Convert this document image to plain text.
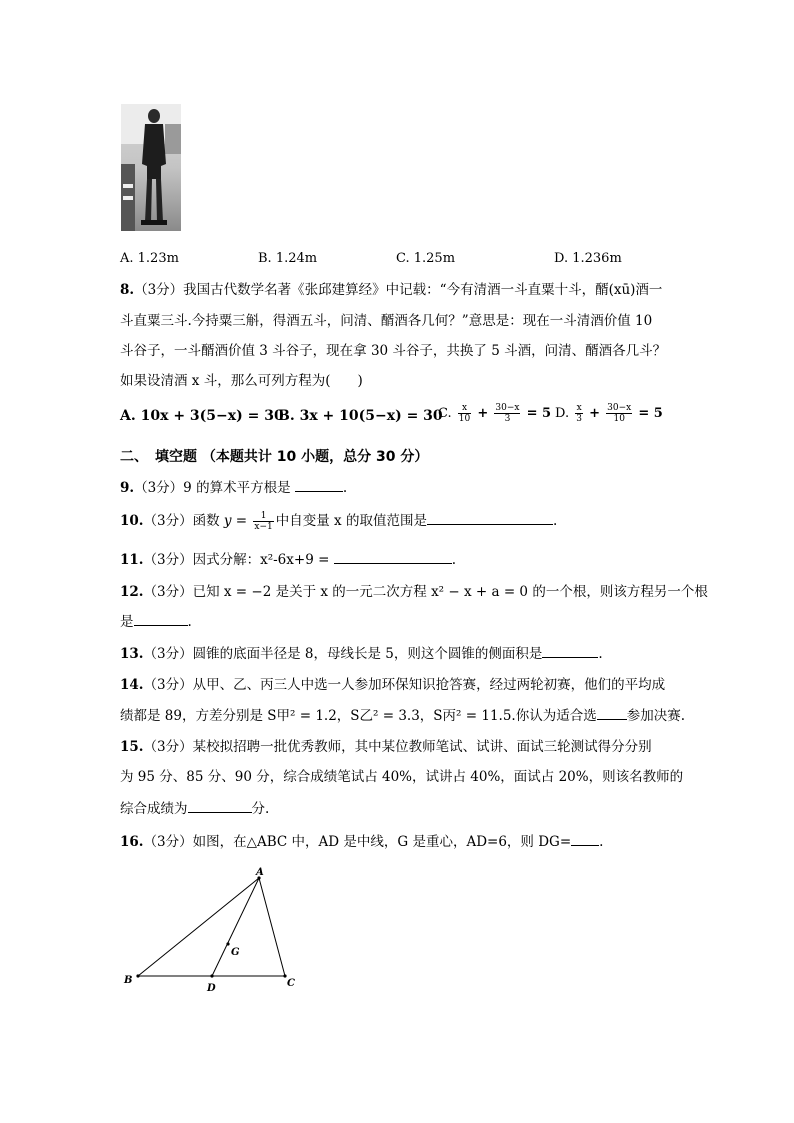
A. 1.23m	B. 1.24m	C. 1.25m	D. 1.236m
8.（3分）我国古代数学名著《张邱建算经》中记载：“今有清酒一斗直粟十斗，醑(xū)酒一
斗直粟三斗.今持粟三斛，得酒五斗，问清、醑酒各几何？”意思是：现在一斗清酒价值 10
斗谷子，一斗醑酒价值 3 斗谷子，现在拿 30 斗谷子，共换了 5 斗酒，问清、醑酒各几斗？
如果设清酒 x 斗，那么可列方程为(　　)
A. 10x + 3(5−x) = 30
B. 3x + 10(5−x) = 30
C. $\frac{x}{10} + \frac{30-x}{3} = 5$ D. $\frac{x}{3} + \frac{30-x}{10} = 5$
二、　填空题 （本题共计 10 小题，总分 30 分）
9.（3分）9 的算术平方根是	.
10.（3分）函数 $y = \frac{1}{x-1}$ 中自变量 x 的取值范围是	.
11.（3分）因式分解：x²-6x+9 =	.
12.（3分）已知 x = −2 是关于 x 的一元二次方程 x² − x + a = 0 的一个根，则该方程另一个根
是	.
13.（3分）圆锥的底面半径是 8，母线长是 5，则这个圆锥的侧面积是	.
14.（3分）从甲、乙、丙三人中选一人参加环保知识抢答赛，经过两轮初赛，他们的平均成
绩都是 89，方差分别是 S甲² = 1.2，S乙² = 3.3，S丙² = 11.5.你认为适合选 参加决赛.
15.（3分）某校拟招聘一批优秀教师，其中某位教师笔试、试讲、面试三轮测试得分分别
为 95 分、85 分、90 分，综合成绩笔试占 40%，试讲占 40%，面试占 20%，则该名教师的
综合成绩为	分.
16.（3分）如图，在△ABC 中，AD 是中线，G 是重心，AD=6，则 DG= .
A
B	C
D
G
